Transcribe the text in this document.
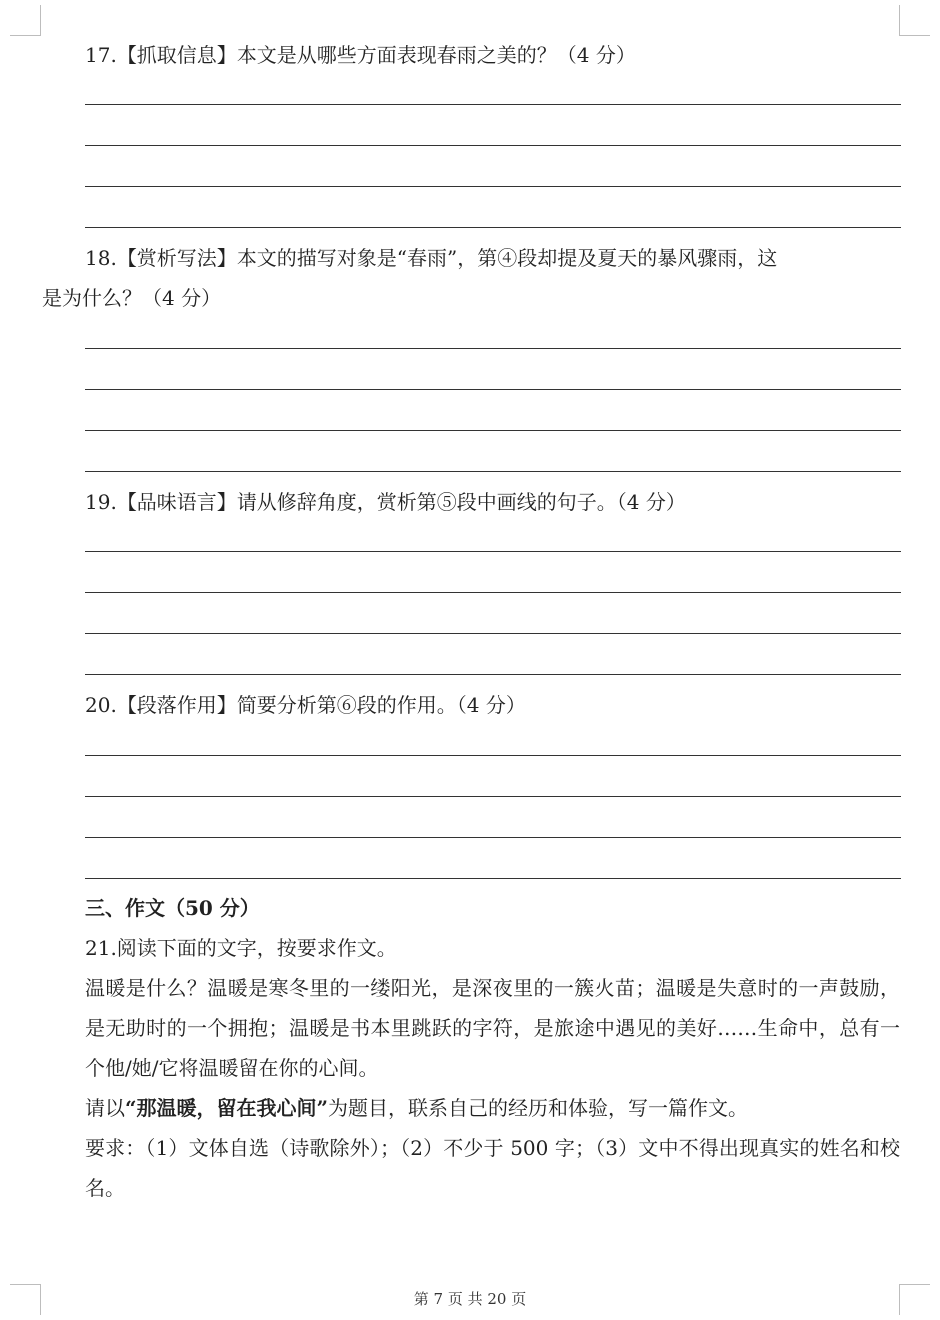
17.【抓取信息】本文是从哪些方面表现春雨之美的？（4 分）
18.【赏析写法】本文的描写对象是“春雨”，第④段却提及夏天的暴风骤雨，这
是为什么？（4 分）
19.【品味语言】请从修辞角度，赏析第⑤段中画线的句子。（4 分）
20.【段落作用】简要分析第⑥段的作用。（4 分）
三、作文（50 分）
21.阅读下面的文字，按要求作文。

温暖是什么？温暖是寒冬里的一缕阳光，是深夜里的一簇火苗；温暖是失意时的一声鼓励，是无助时的一个拥抱；温暖是书本里跳跃的字符，是旅途中遇见的美好……生命中，总有一个他/她/它将温暖留在你的心间。

请以“那温暖，留在我心间”为题目，联系自己的经历和体验，写一篇作文。

要求：（1）文体自选（诗歌除外）；（2）不少于 500 字；（3）文中不得出现真实的姓名和校名。

第 7 页 共 20 页
